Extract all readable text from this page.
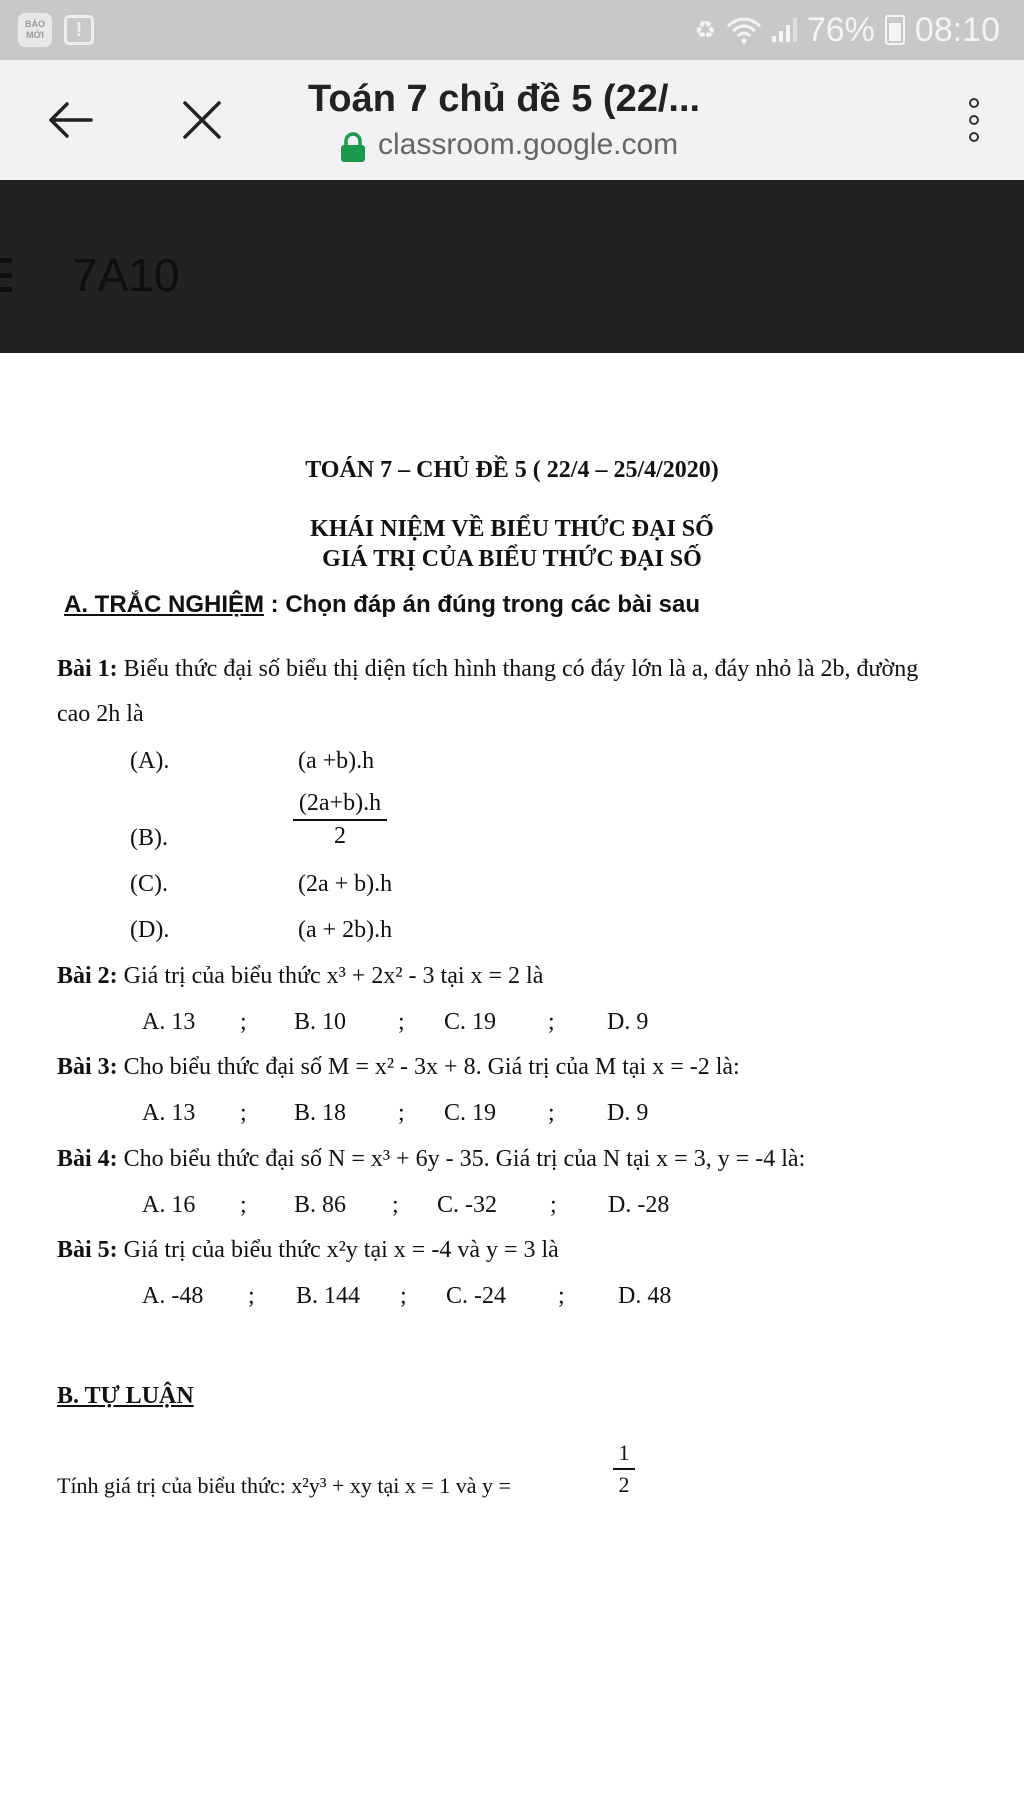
BÁO MỚI	!	♻	76% 08:10
Toán 7 chủ đề 5 (22/...
classroom.google.com
7A10
TOÁN 7 – CHỦ ĐỀ 5 ( 22/4 – 25/4/2020)
KHÁI NIỆM VỀ BIỂU THỨC ĐẠI SỐ
GIÁ TRỊ CỦA BIỂU THỨC ĐẠI SỐ
A. TRẮC NGHIỆM : Chọn đáp án đúng trong các bài sau
Bài 1: Biểu thức đại số biểu thị diện tích hình thang có đáy lớn là a, đáy nhỏ là 2b, đường
cao 2h là
(A).	(a +b).h
(B).	$\frac{(2a+b).h}{2}$
(C).	(2a + b).h
(D).	(a + 2b).h
Bài 2: Giá trị của biểu thức x³ + 2x² - 3 tại x = 2 là
A. 13 ; B. 10 ; C. 19 ; D. 9
Bài 3: Cho biểu thức đại số M = x² - 3x + 8. Giá trị của M tại x = -2 là:
A. 13 ; B. 18 ; C. 19 ; D. 9
Bài 4: Cho biểu thức đại số N = x³ + 6y - 35. Giá trị của N tại x = 3, y = -4 là:
A. 16 ; B. 86 ; C. -32 ; D. -28
Bài 5: Giá trị của biểu thức x²y tại x = -4 và y = 3 là
A. -48 ; B. 144 ; C. -24 ; D. 48
B. TỰ LUẬN
Tính giá trị của biểu thức: x²y³ + xy tại x = 1 và y =	$\frac{1}{2}$
